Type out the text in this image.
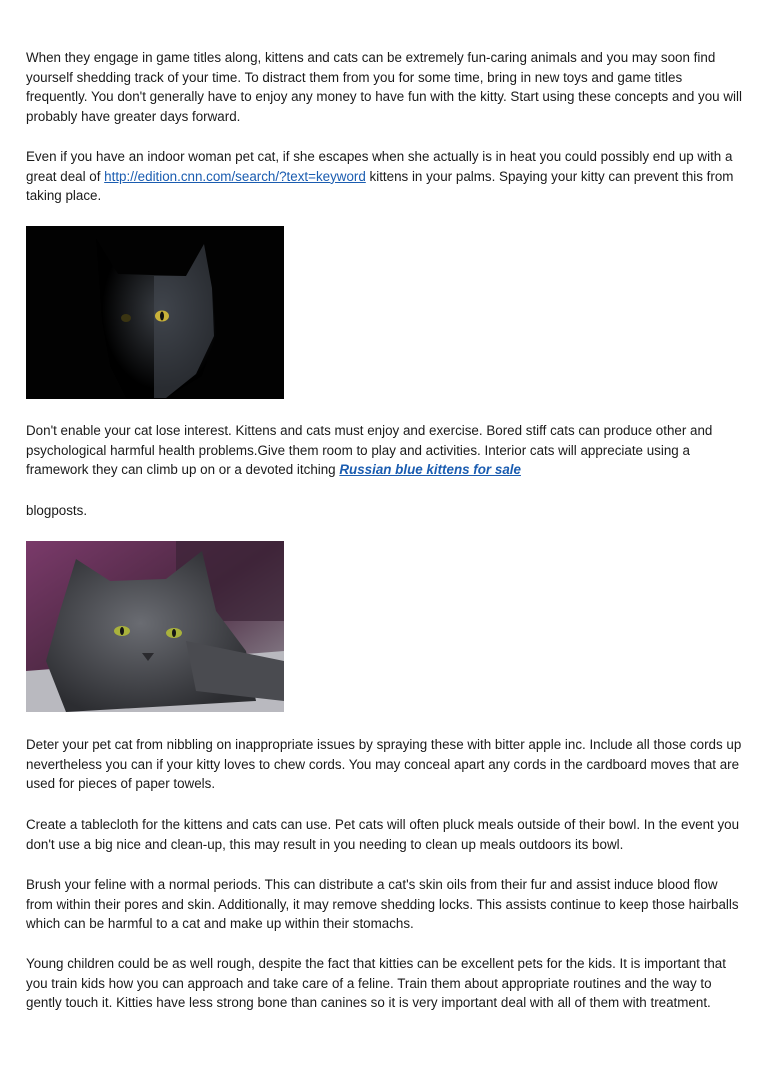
When they engage in game titles along, kittens and cats can be extremely fun-caring animals and you may soon find yourself shedding track of your time. To distract them from you for some time, bring in new toys and game titles frequently. You don't generally have to enjoy any money to have fun with the kitty. Start using these concepts and you will probably have greater days forward.

Even if you have an indoor woman pet cat, if she escapes when she actually is in heat you could possibly end up with a great deal of http://edition.cnn.com/search/?text=keyword kittens in your palms. Spaying your kitty can prevent this from taking place.

Don't enable your cat lose interest. Kittens and cats must enjoy and exercise. Bored stiff cats can produce other and psychological harmful health problems.Give them room to play and activities. Interior cats will appreciate using a framework they can climb up on or a devoted itching Russian blue kittens for sale

blogposts.

Deter your pet cat from nibbling on inappropriate issues by spraying these with bitter apple inc. Include all those cords up nevertheless you can if your kitty loves to chew cords. You may conceal apart any cords in the cardboard moves that are used for pieces of paper towels.

Create a tablecloth for the kittens and cats can use. Pet cats will often pluck meals outside of their bowl. In the event you don't use a big nice and clean-up, this may result in you needing to clean up meals outdoors its bowl.

Brush your feline with a normal periods. This can distribute a cat's skin oils from their fur and assist induce blood flow from within their pores and skin. Additionally, it may remove shedding locks. This assists continue to keep those hairballs which can be harmful to a cat and make up within their stomachs.

Young children could be as well rough, despite the fact that kitties can be excellent pets for the kids. It is important that you train kids how you can approach and take care of a feline. Train them about appropriate routines and the way to gently touch it. Kitties have less strong bone than canines so it is very important deal with all of them with treatment.
